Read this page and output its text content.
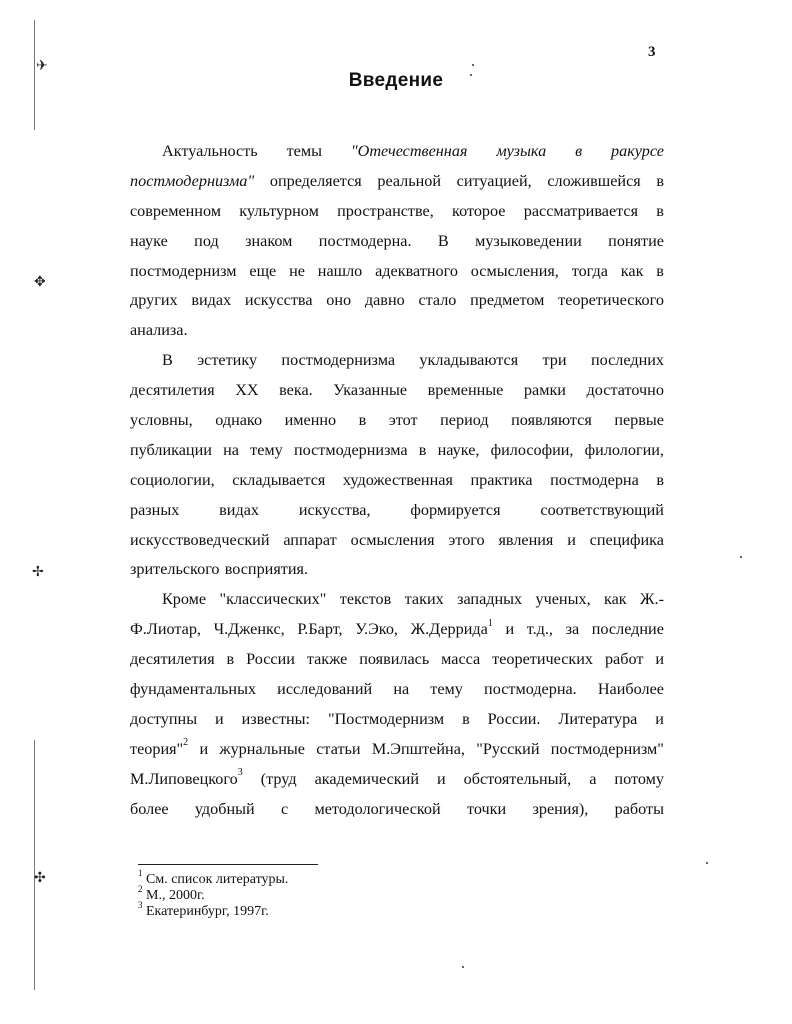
3
Введение
Актуальность темы "Отечественная музыка в ракурсе
постмодернизма" определяется реальной ситуацией, сложившейся в
современном культурном пространстве, которое рассматривается в
науке под знаком постмодерна. В музыковедении понятие
постмодернизм еще не нашло адекватного осмысления, тогда как в
других видах искусства оно давно стало предметом теоретического
анализа.
В эстетику постмодернизма укладываются три последних
десятилетия XX века. Указанные временные рамки достаточно
условны, однако именно в этот период появляются первые
публикации на тему постмодернизма в науке, философии, филологии,
социологии, складывается художественная практика постмодерна в
разных видах искусства, формируется соответствующий
искусствоведческий аппарат осмысления этого явления и специфика
зрительского восприятия.
Кроме "классических" текстов таких западных ученых, как Ж.-
Ф.Лиотар, Ч.Дженкс, Р.Барт, У.Эко, Ж.Деррида$^1$ и т.д., за последние
десятилетия в России также появилась масса теоретических работ и
фундаментальных исследований на тему постмодерна. Наиболее
доступны и известны: "Постмодернизм в России. Литература и
теория"$^2$ и журнальные статьи М.Эпштейна, "Русский постмодернизм"
М.Липовецкого$^3$ (труд академический и обстоятельный, а потому
более удобный с методологической точки зрения), работы
$^1$ См. список литературы.
$^2$ М., 2000г.
$^3$ Екатеринбург, 1997г.
✈
✥
✢
✣
